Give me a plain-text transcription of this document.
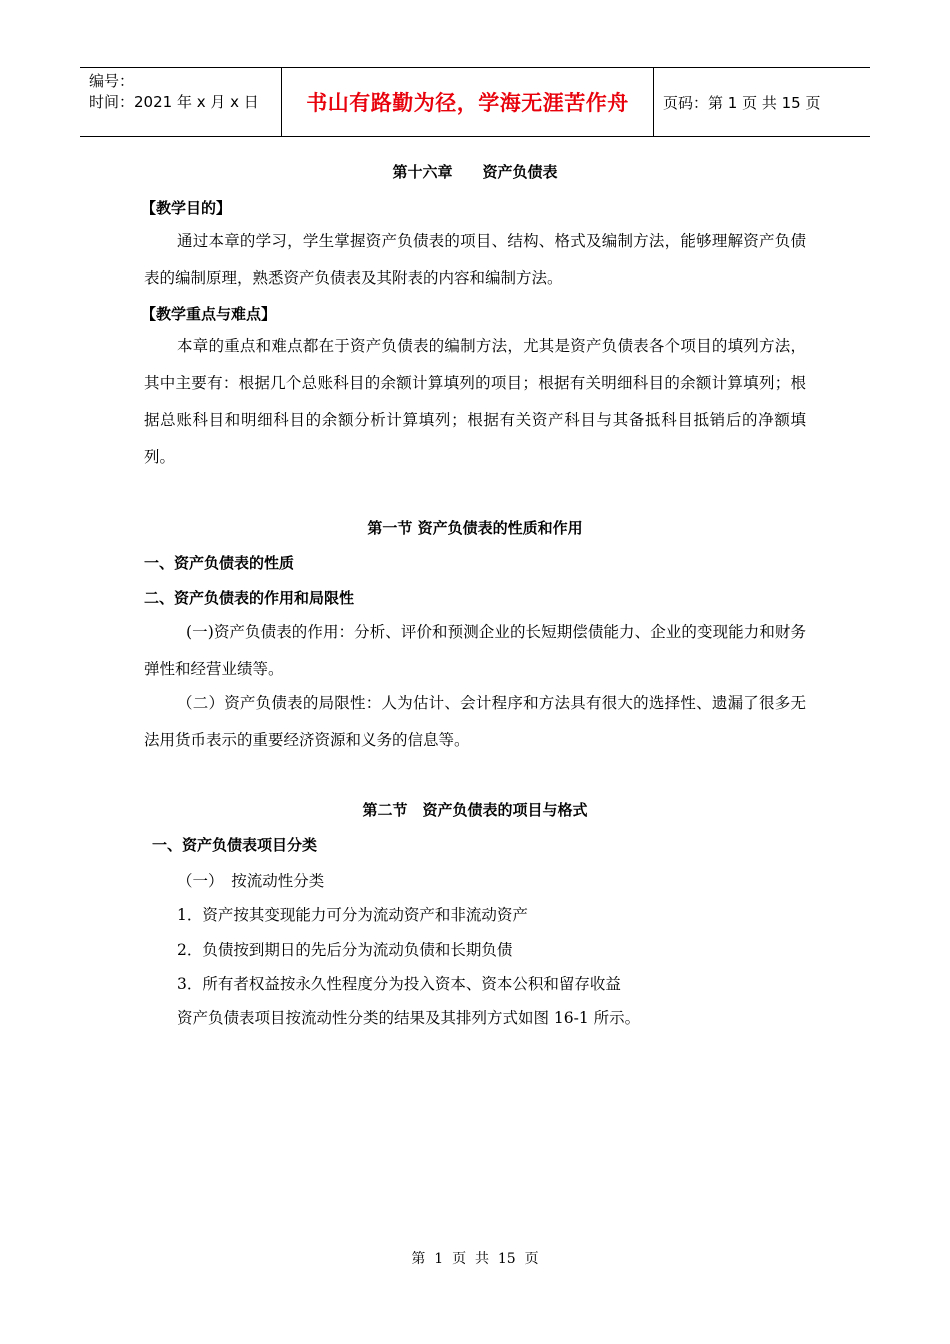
编号：
时间：2021 年 x 月 x 日	书山有路勤为径，学海无涯苦作舟	页码：第 1 页 共 15 页
第十六章　　资产负债表
【教学目的】
通过本章的学习，学生掌握资产负债表的项目、结构、格式及编制方法，能够理解资产负债表的编制原理，熟悉资产负债表及其附表的内容和编制方法。
【教学重点与难点】
本章的重点和难点都在于资产负债表的编制方法，尤其是资产负债表各个项目的填列方法，其中主要有：根据几个总账科目的余额计算填列的项目；根据有关明细科目的余额计算填列；根据总账科目和明细科目的余额分析计算填列；根据有关资产科目与其备抵科目抵销后的净额填列。
第一节 资产负债表的性质和作用
一、资产负债表的性质
二、资产负债表的作用和局限性
(一)资产负债表的作用：分析、评价和预测企业的长短期偿债能力、企业的变现能力和财务弹性和经营业绩等。
（二）资产负债表的局限性：人为估计、会计程序和方法具有很大的选择性、遗漏了很多无法用货币表示的重要经济资源和义务的信息等。
第二节　资产负债表的项目与格式
一、资产负债表项目分类
（一）　按流动性分类
1．资产按其变现能力可分为流动资产和非流动资产
2．负债按到期日的先后分为流动负债和长期负债
3．所有者权益按永久性程度分为投入资本、资本公积和留存收益
资产负债表项目按流动性分类的结果及其排列方式如图 16-1 所示。
第  1  页  共  15  页
